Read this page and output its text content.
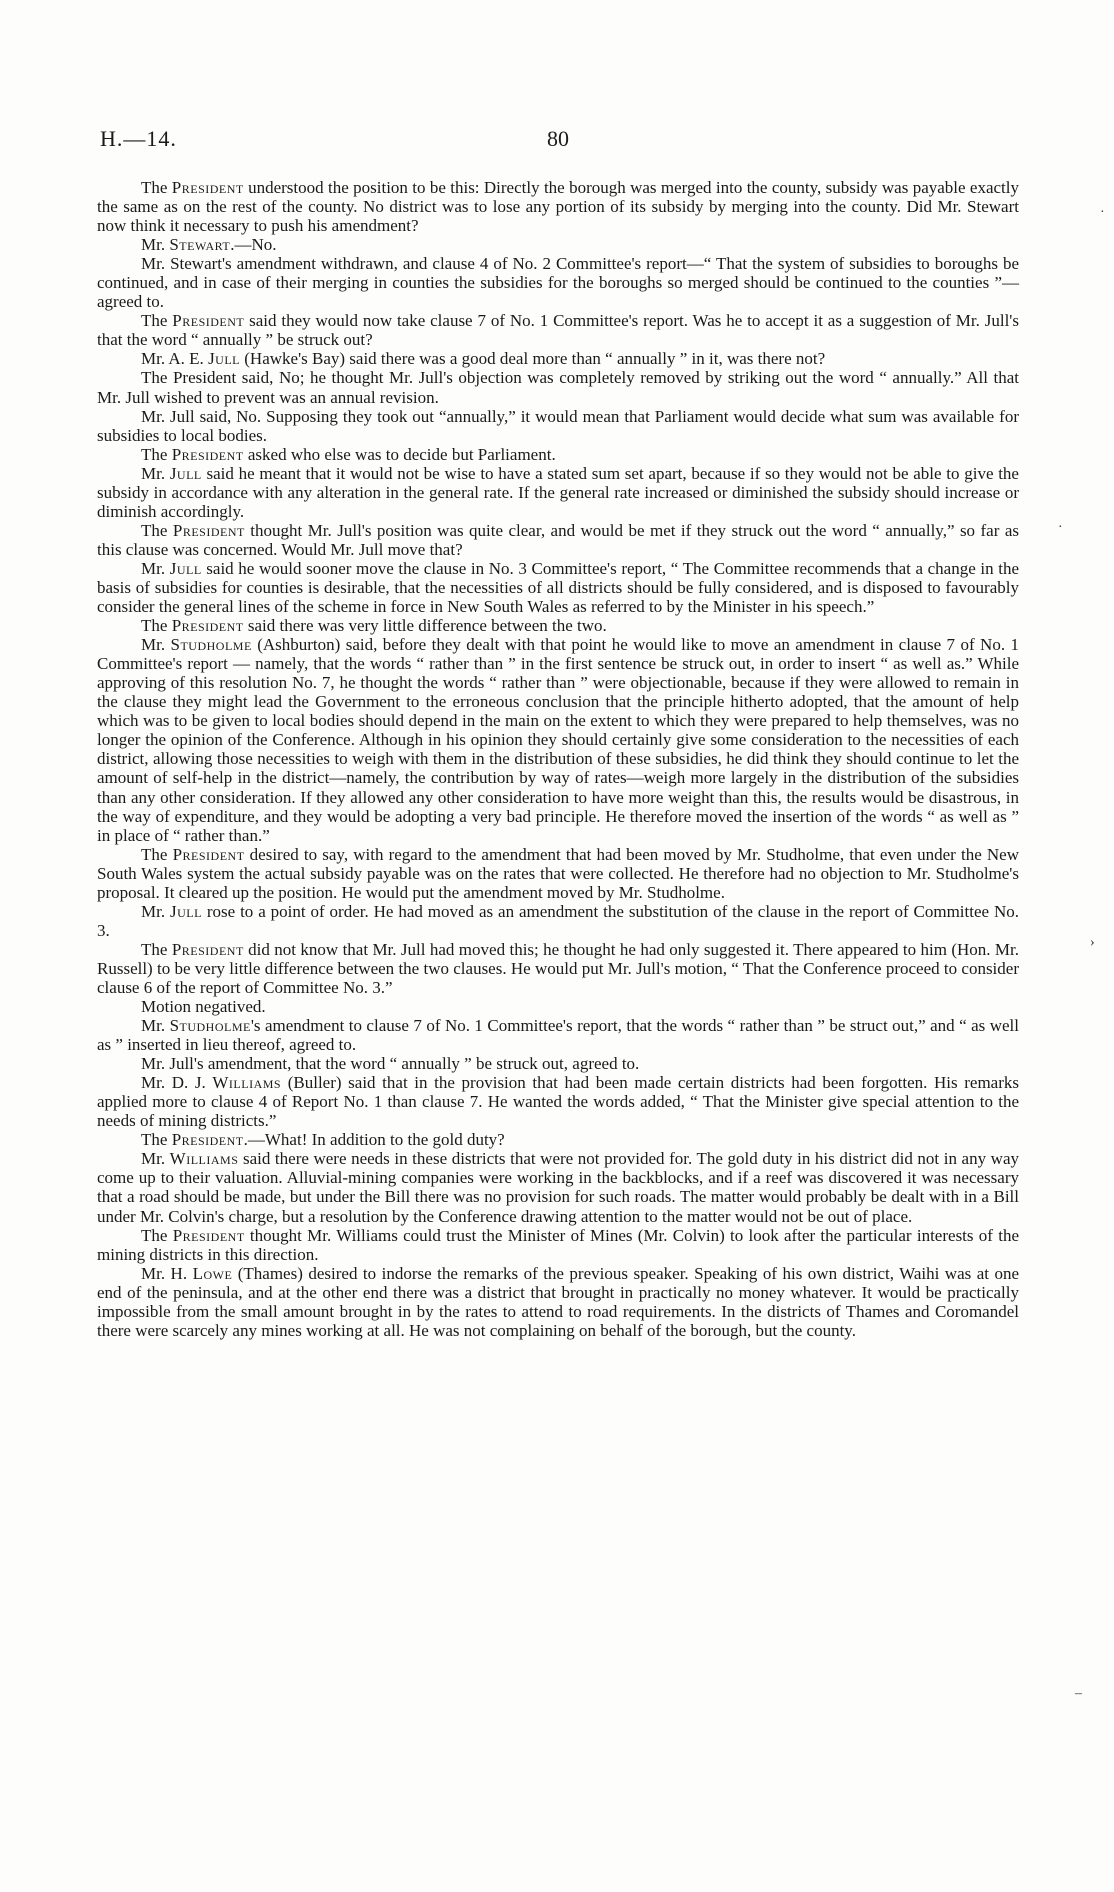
H.—14.	80

The President understood the position to be this: Directly the borough was merged into the county, subsidy was payable exactly the same as on the rest of the county. No district was to lose any portion of its subsidy by merging into the county. Did Mr. Stewart now think it necessary to push his amendment?

Mr. Stewart.—No.

Mr. Stewart's amendment withdrawn, and clause 4 of No. 2 Committee's report—“ That the system of subsidies to boroughs be continued, and in case of their merging in counties the subsidies for the boroughs so merged should be continued to the counties ”—agreed to.

The President said they would now take clause 7 of No. 1 Committee's report. Was he to accept it as a suggestion of Mr. Jull's that the word “ annually ” be struck out?

Mr. A. E. Jull (Hawke's Bay) said there was a good deal more than “ annually ” in it, was there not?

The President said, No; he thought Mr. Jull's objection was completely removed by striking out the word “ annually.” All that Mr. Jull wished to prevent was an annual revision.

Mr. Jull said, No. Supposing they took out “annually,” it would mean that Parliament would decide what sum was available for subsidies to local bodies.

The President asked who else was to decide but Parliament.

Mr. Jull said he meant that it would not be wise to have a stated sum set apart, because if so they would not be able to give the subsidy in accordance with any alteration in the general rate. If the general rate increased or diminished the subsidy should increase or diminish accordingly.

The President thought Mr. Jull's position was quite clear, and would be met if they struck out the word “ annually,” so far as this clause was concerned. Would Mr. Jull move that?

Mr. Jull said he would sooner move the clause in No. 3 Committee's report, “ The Committee recommends that a change in the basis of subsidies for counties is desirable, that the necessities of all districts should be fully considered, and is disposed to favourably consider the general lines of the scheme in force in New South Wales as referred to by the Minister in his speech.”

The President said there was very little difference between the two.

Mr. Studholme (Ashburton) said, before they dealt with that point he would like to move an amendment in clause 7 of No. 1 Committee's report — namely, that the words “ rather than ” in the first sentence be struck out, in order to insert “ as well as.” While approving of this resolution No. 7, he thought the words “ rather than ” were objectionable, because if they were allowed to remain in the clause they might lead the Government to the erroneous conclusion that the principle hitherto adopted, that the amount of help which was to be given to local bodies should depend in the main on the extent to which they were prepared to help themselves, was no longer the opinion of the Conference. Although in his opinion they should certainly give some consideration to the necessities of each district, allowing those necessities to weigh with them in the distribution of these subsidies, he did think they should continue to let the amount of self-help in the district—namely, the contribution by way of rates—weigh more largely in the distribution of the subsidies than any other consideration. If they allowed any other consideration to have more weight than this, the results would be disastrous, in the way of expenditure, and they would be adopting a very bad principle. He therefore moved the insertion of the words “ as well as ” in place of “ rather than.”

The President desired to say, with regard to the amendment that had been moved by Mr. Studholme, that even under the New South Wales system the actual subsidy payable was on the rates that were collected. He therefore had no objection to Mr. Studholme's proposal. It cleared up the position. He would put the amendment moved by Mr. Studholme.

Mr. Jull rose to a point of order. He had moved as an amendment the substitution of the clause in the report of Committee No. 3.

The President did not know that Mr. Jull had moved this; he thought he had only suggested it. There appeared to him (Hon. Mr. Russell) to be very little difference between the two clauses. He would put Mr. Jull's motion, “ That the Conference proceed to consider clause 6 of the report of Committee No. 3.”

Motion negatived.

Mr. Studholme's amendment to clause 7 of No. 1 Committee's report, that the words “ rather than ” be struct out,” and “ as well as ” inserted in lieu thereof, agreed to.

Mr. Jull's amendment, that the word “ annually ” be struck out, agreed to.

Mr. D. J. Williams (Buller) said that in the provision that had been made certain districts had been forgotten. His remarks applied more to clause 4 of Report No. 1 than clause 7. He wanted the words added, “ That the Minister give special attention to the needs of mining districts.”

The President.—What! In addition to the gold duty?

Mr. Williams said there were needs in these districts that were not provided for. The gold duty in his district did not in any way come up to their valuation. Alluvial-mining companies were working in the backblocks, and if a reef was discovered it was necessary that a road should be made, but under the Bill there was no provision for such roads. The matter would probably be dealt with in a Bill under Mr. Colvin's charge, but a resolution by the Conference drawing attention to the matter would not be out of place.

The President thought Mr. Williams could trust the Minister of Mines (Mr. Colvin) to look after the particular interests of the mining districts in this direction.

Mr. H. Lowe (Thames) desired to indorse the remarks of the previous speaker. Speaking of his own district, Waihi was at one end of the peninsula, and at the other end there was a district that brought in practically no money whatever. It would be practically impossible from the small amount brought in by the rates to attend to road requirements. In the districts of Thames and Coromandel there were scarcely any mines working at all. He was not complaining on behalf of the borough, but the county.

·
·
›
–
